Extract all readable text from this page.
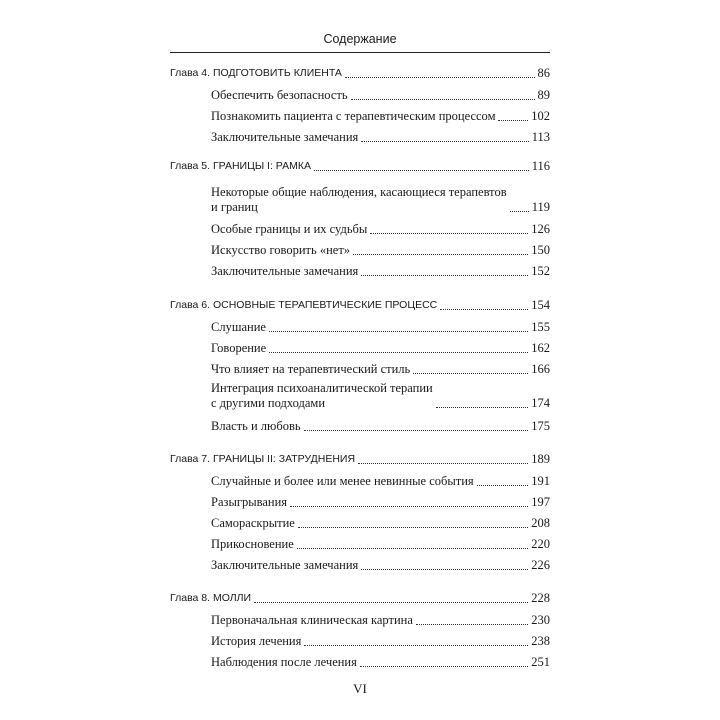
Содержание
Глава 4. ПОДГОТОВИТЬ КЛИЕНТА	86
Обеспечить безопасность	89
Познакомить пациента с терапевтическим процессом	102
Заключительные замечания	113
Глава 5. ГРАНИЦЫ I: РАМКА	116
Некоторые общие наблюдения, касающиеся терапевтов
и границ	119
Особые границы и их судьбы	126
Искусство говорить «нет»	150
Заключительные замечания	152
Глава 6. ОСНОВНЫЕ ТЕРАПЕВТИЧЕСКИЕ ПРОЦЕСС	154
Слушание	155
Говорение	162
Что влияет на терапевтический стиль	166
Интеграция психоаналитической терапии
с другими подходами	174
Власть и любовь	175
Глава 7. ГРАНИЦЫ II: ЗАТРУДНЕНИЯ	189
Случайные и более или менее невинные события	191
Разыгрывания	197
Самораскрытие	208
Прикосновение	220
Заключительные замечания	226
Глава 8. МОЛЛИ	228
Первоначальная клиническая картина	230
История лечения	238
Наблюдения после лечения	251
VI
